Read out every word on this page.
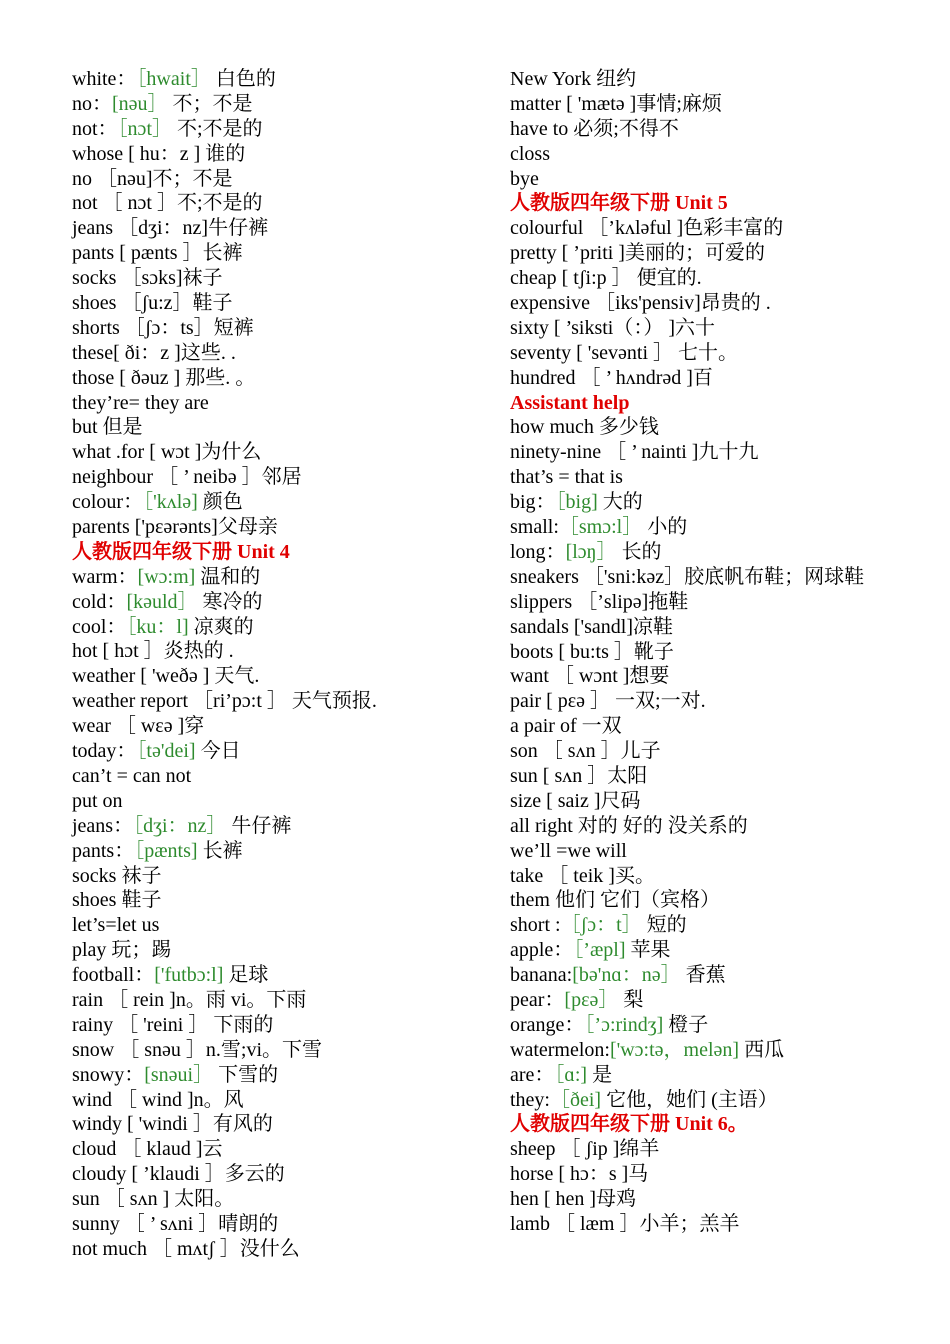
white：［hwait］ 白色的
no：[nəu］ 不；不是
not：［nɔt］ 不;不是的
whose [ hu：z ] 谁的
no ［nəu]不；不是
not ［ nɔt ］不;不是的
jeans ［dʒi：nz]牛仔裤
pants [ pænts ］长裤
socks ［sɔks]袜子
shoes ［ʃu:z］鞋子
shorts ［ʃɔ：ts］短裤
these[ ði：z ]这些. .
those [ ðəuz ] 那些. 。
they’re= they are
but 但是
what .for [ wɔt ]为什么
neighbour ［ ’ neibə ］邻居
colour：［'kʌlə] 颜色
parents ['pεərənts]父母亲
人教版四年级下册 Unit 4
warm：[wɔ:m] 温和的
cold：[kəuld］ 寒冷的
cool：［ku：l] 凉爽的
hot [ hɔt ］炎热的 .
weather [ 'weðə ] 天气.
weather report ［ri’pɔ:t ］ 天气预报.
wear ［ wεə ]穿
today：［tə'dei] 今日
can’t = can not
put on
jeans：［dʒi：nz］ 牛仔裤
pants：［pænts] 长裤
socks 袜子
shoes 鞋子
let’s=let us
play 玩；踢
football：['futbɔ:l] 足球
rain ［ rein ]n。雨 vi。下雨
rainy ［ 'reini ］ 下雨的
snow ［ snəu ］n.雪;vi。下雪
snowy：[snəui］ 下雪的
wind ［ wind ]n。风
windy [ 'windi ］有风的
cloud ［ klaud ]云
cloudy [ ’klaudi ］多云的
sun ［ sʌn ] 太阳。
sunny ［ ’ sʌni ］晴朗的
not much ［ mʌtʃ ］没什么
New York 纽约
matter [ 'mætə ]事情;麻烦
have to 必须;不得不
closs
bye
人教版四年级下册 Unit 5
colourful ［’kʌləful ]色彩丰富的
pretty [ ’priti ]美丽的；可爱的
cheap [ tʃi:p ］ 便宜的.
expensive ［iks'pensiv]昂贵的 .
sixty [ ’siksti（：） ]六十
seventy [ 'sevənti ］ 七十。
hundred ［ ’ hʌndrəd ]百
Assistant help
how much 多少钱
ninety-nine ［ ’ nainti ]九十九
that’s = that is
big：［big] 大的
small:［smɔ:l］ 小的
long：[lɔŋ］ 长的
sneakers ［'sni:kəz］胶底帆布鞋；网球鞋
slippers ［’slipə]拖鞋
sandals ['sandl]凉鞋
boots [ bu:ts ］靴子
want ［ wɔnt ]想要
pair [ pεə ］ 一双;一对.
a pair of 一双
son ［ sʌn ］儿子
sun [ sʌn ］太阳
size [ saiz ]尺码
all right 对的 好的 没关系的
we’ll =we will
take ［ teik ]买。
them 他们 它们（宾格）
short :［ʃɔ：t］ 短的
apple：［’æpl] 苹果
banana:[bə'nɑ：nə］ 香蕉
pear：[pεə］ 梨
orange：［’ɔ:rindʒ] 橙子
watermelon:['wɔ:tə，melən] 西瓜
are：［ɑ:] 是
they:［ðei] 它他，她们 (主语）
人教版四年级下册 Unit 6。
sheep ［ ʃip ]绵羊
horse [ hɔ：s ]马
hen [ hen ]母鸡
lamb ［ læm ］小羊；羔羊
